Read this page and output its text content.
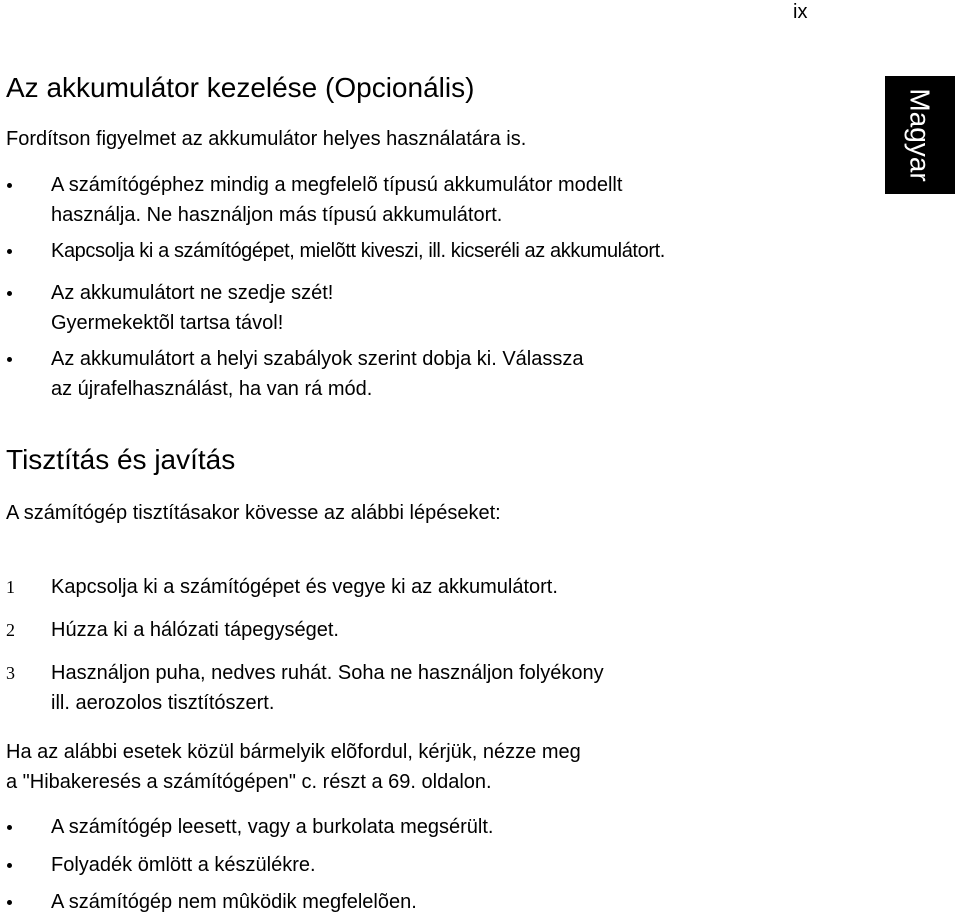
ix
Magyar
Az akkumulátor kezelése (Opcionális)
Fordítson figyelmet az akkumulátor helyes használatára is.
A számítógéphez mindig a megfelelõ típusú akkumulátor modellt
használja. Ne használjon más típusú akkumulátort.
Kapcsolja ki a számítógépet, mielõtt kiveszi, ill. kicseréli az akkumulátort.
Az akkumulátort ne szedje szét!
Gyermekektõl tartsa távol!
Az akkumulátort a helyi szabályok szerint dobja ki. Válassza
az újrafelhasználást, ha van rá mód.
Tisztítás és javítás
A számítógép tisztításakor kövesse az alábbi lépéseket:
1 Kapcsolja ki a számítógépet és vegye ki az akkumulátort.
2 Húzza ki a hálózati tápegységet.
3 Használjon puha, nedves ruhát. Soha ne használjon folyékony
ill. aerozolos tisztítószert.
Ha az alábbi esetek közül bármelyik elõfordul, kérjük, nézze meg
a "Hibakeresés a számítógépen" c. részt a 69. oldalon.
A számítógép leesett, vagy a burkolata megsérült.
Folyadék ömlött a készülékre.
A számítógép nem mûködik megfelelõen.
